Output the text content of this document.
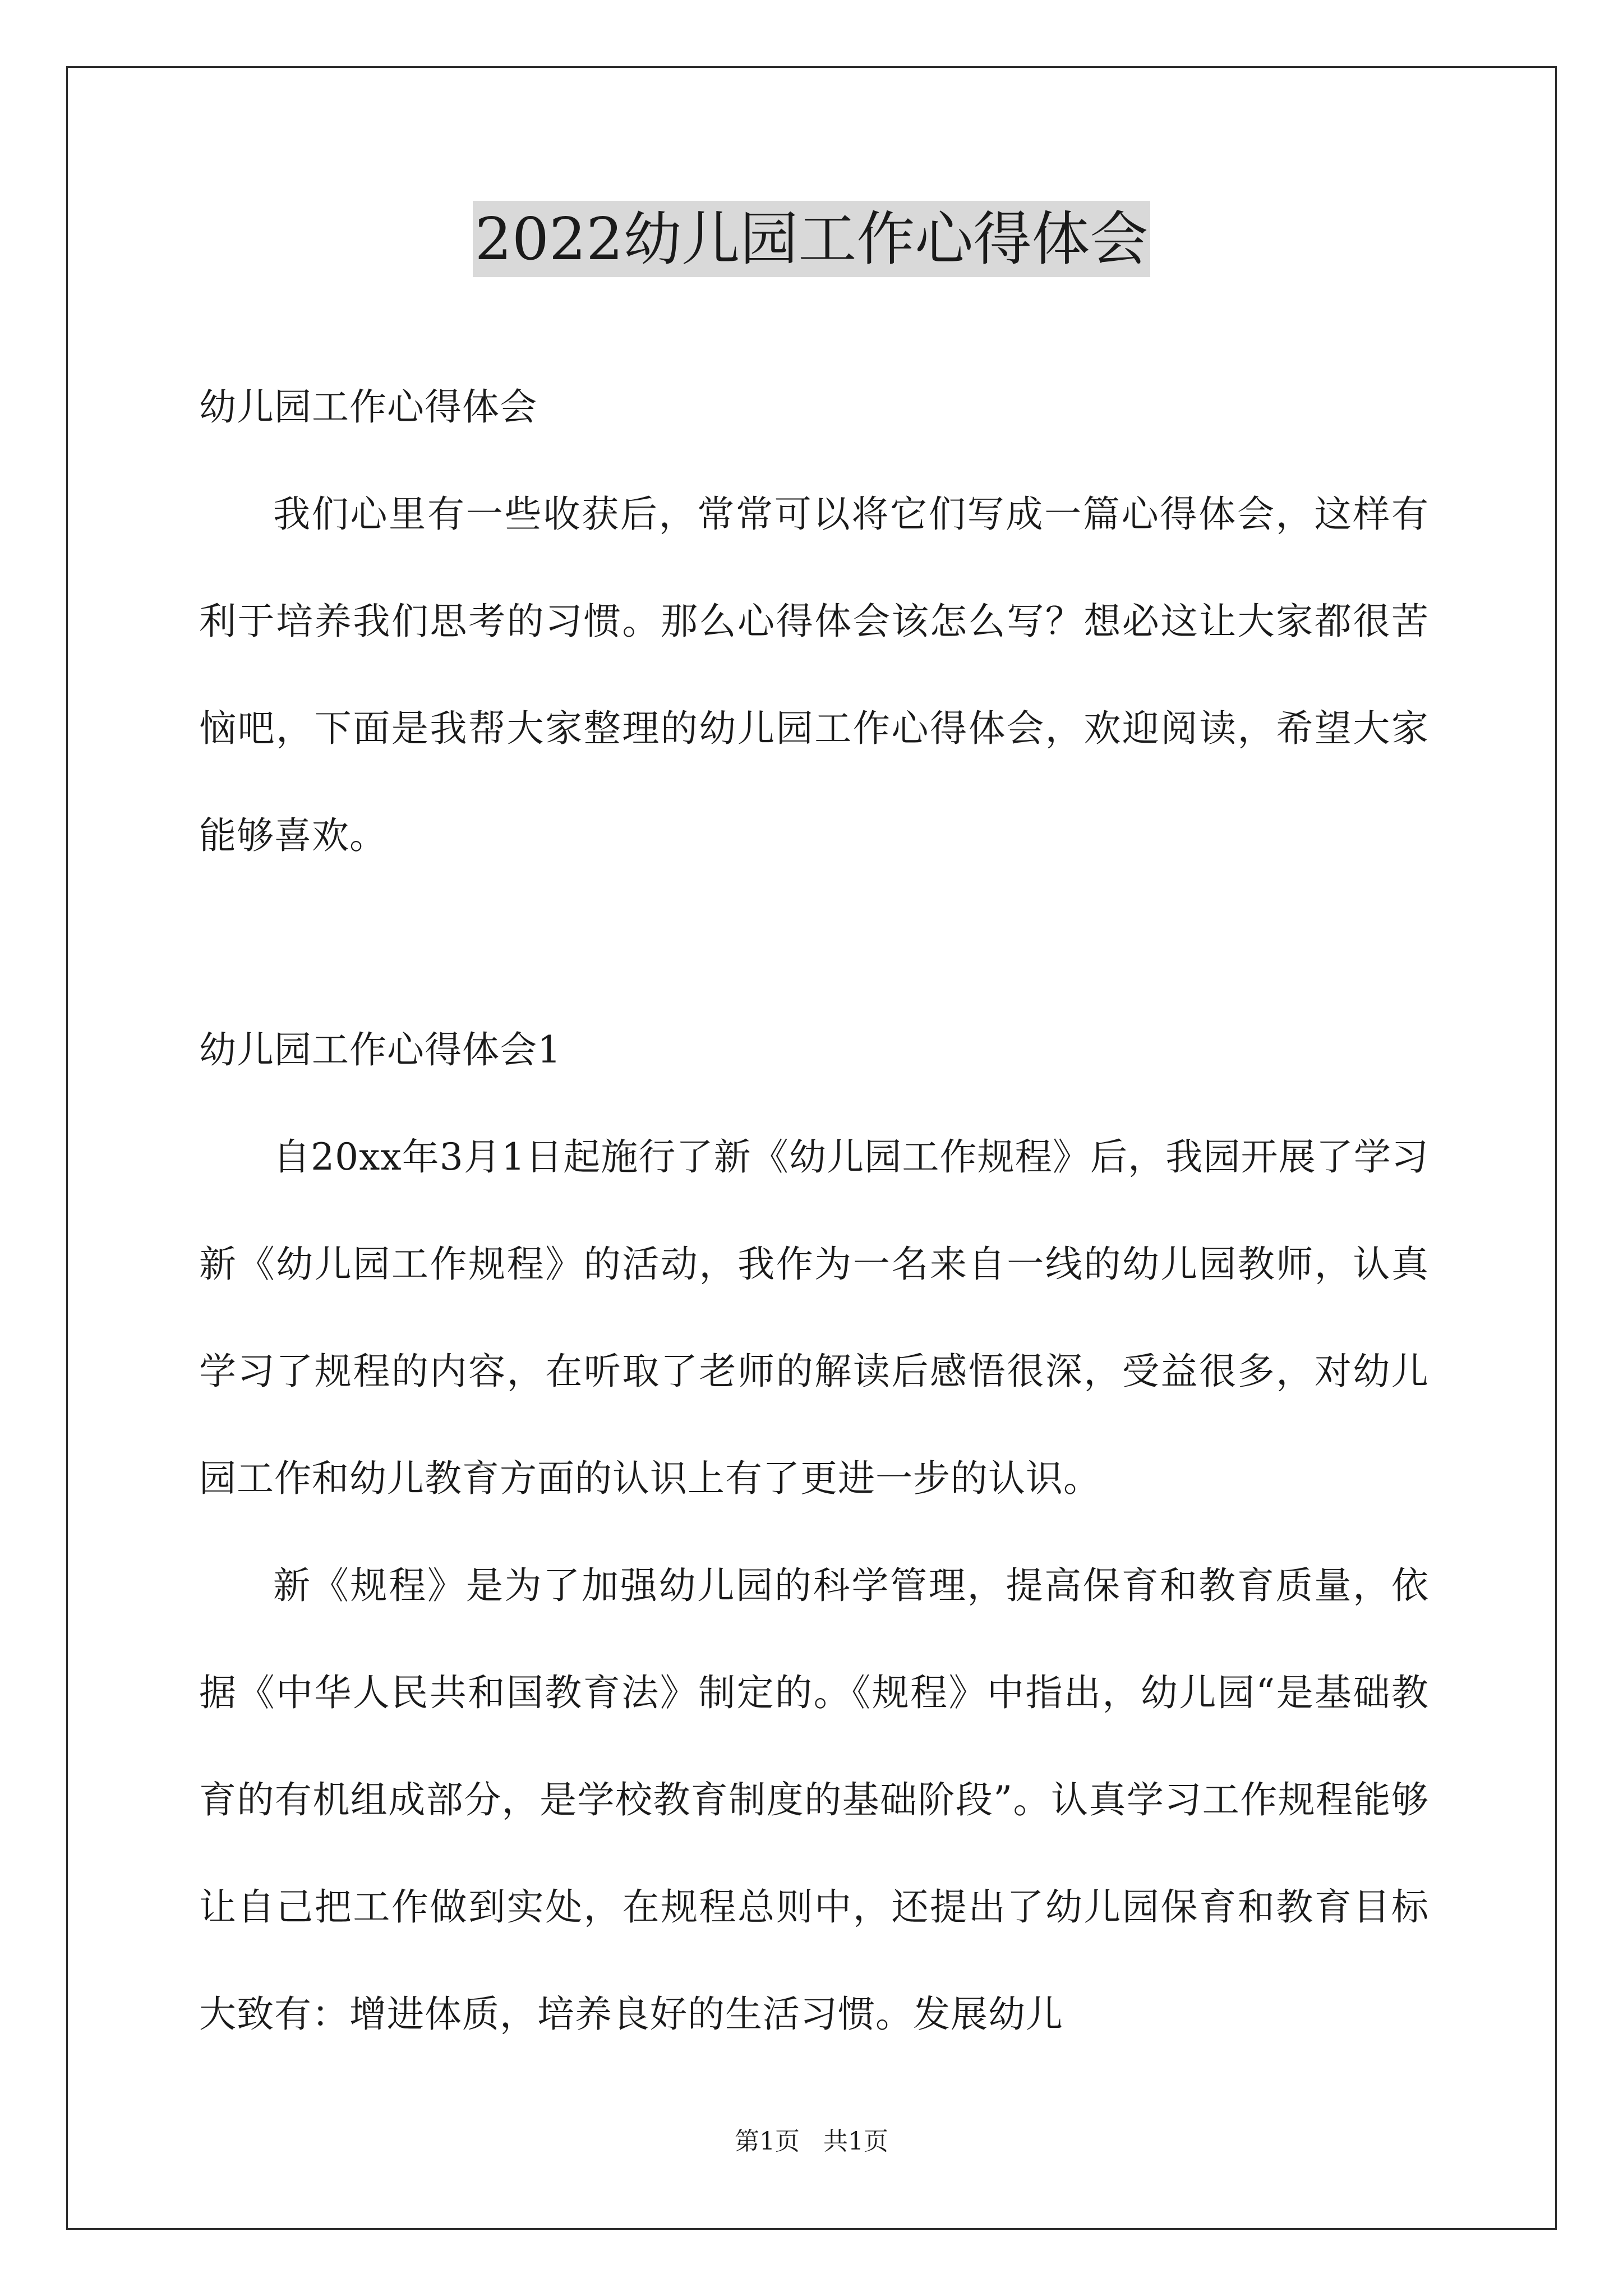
2022幼儿园工作心得体会

幼儿园工作心得体会

我们心里有一些收获后，常常可以将它们写成一篇心得体会，这样有利于培养我们思考的习惯。那么心得体会该怎么写？想必这让大家都很苦恼吧，下面是我帮大家整理的幼儿园工作心得体会，欢迎阅读，希望大家能够喜欢。

幼儿园工作心得体会1

自20xx年3月1日起施行了新《幼儿园工作规程》后，我园开展了学习新《幼儿园工作规程》的活动，我作为一名来自一线的幼儿园教师，认真学习了规程的内容，在听取了老师的解读后感悟很深，受益很多，对幼儿园工作和幼儿教育方面的认识上有了更进一步的认识。

新《规程》是为了加强幼儿园的科学管理，提高保育和教育质量，依据《中华人民共和国教育法》制定的。《规程》中指出，幼儿园“是基础教育的有机组成部分，是学校教育制度的基础阶段”。认真学习工作规程能够让自己把工作做到实处，在规程总则中，还提出了幼儿园保育和教育目标大致有：增进体质，培养良好的生活习惯。发展幼儿

第1页   共1页
